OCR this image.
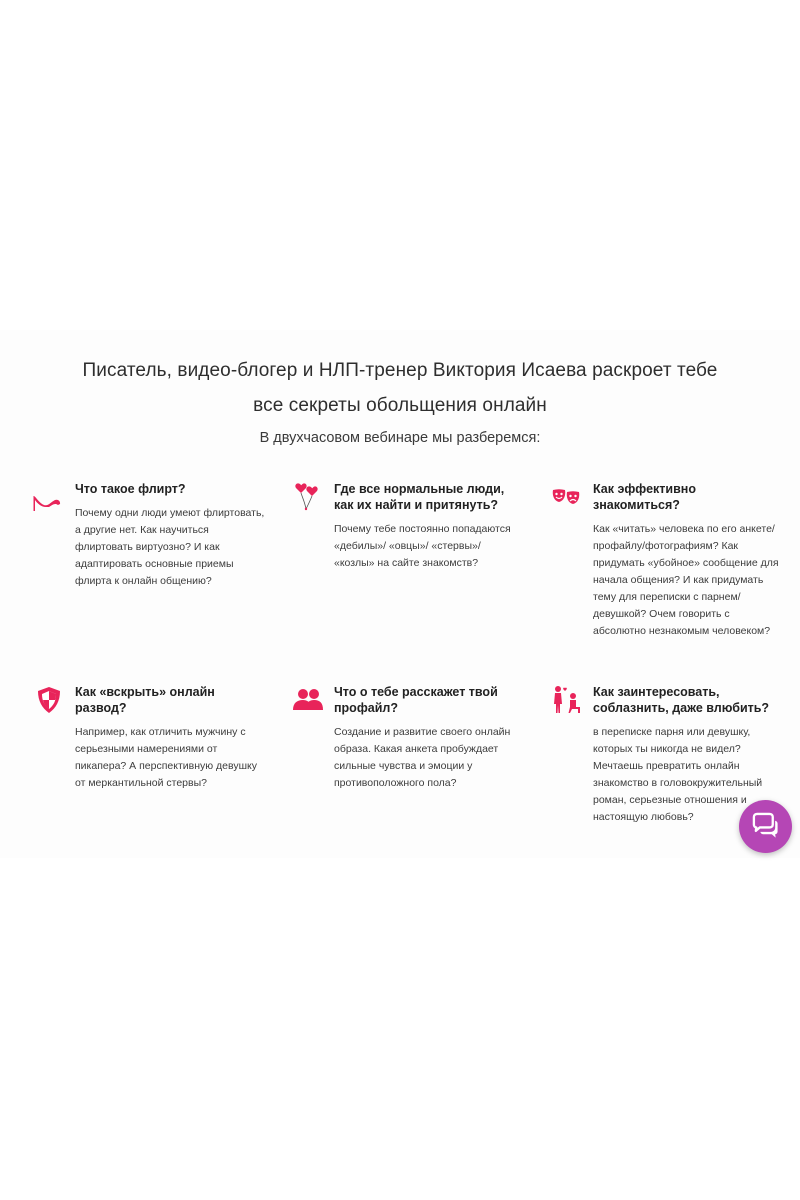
Писатель, видео-блогер и НЛП-тренер Виктория Исаева раскроет тебе
все секреты обольщения онлайн
В двухчасовом вебинаре мы разберемся:

Что такое флирт?

Почему одни люди умеют флиртовать, а другие нет. Как научиться флиртовать виртуозно? И как адаптировать основные приемы флирта к онлайн общению?

Где все нормальные люди, как их найти и притянуть?

Почему тебе постоянно попадаются «дебилы»/ «овцы»/ «стервы»/ «козлы» на сайте знакомств?

Как эффективно знакомиться?

Как «читать» человека по его анкете/профайлу/фотографиям? Как придумать «убойное» сообщение для начала общения? И как придумать тему для переписки с парнем/девушкой? Очем говорить с абсолютно незнакомым человеком?

Как «вскрыть» онлайн развод?

Например, как отличить мужчину с серьезными намерениями от пикапера? А перспективную девушку от меркантильной стервы?

Что о тебе расскажет твой профайл?

Создание и развитие своего онлайн образа. Какая анкета пробуждает сильные чувства и эмоции у противоположного пола?

Как заинтересовать, соблазнить, даже влюбить?

в переписке парня или девушку, которых ты никогда не видел? Мечтаешь превратить онлайн знакомство в головокружительный роман, серьезные отношения и настоящую любовь?
